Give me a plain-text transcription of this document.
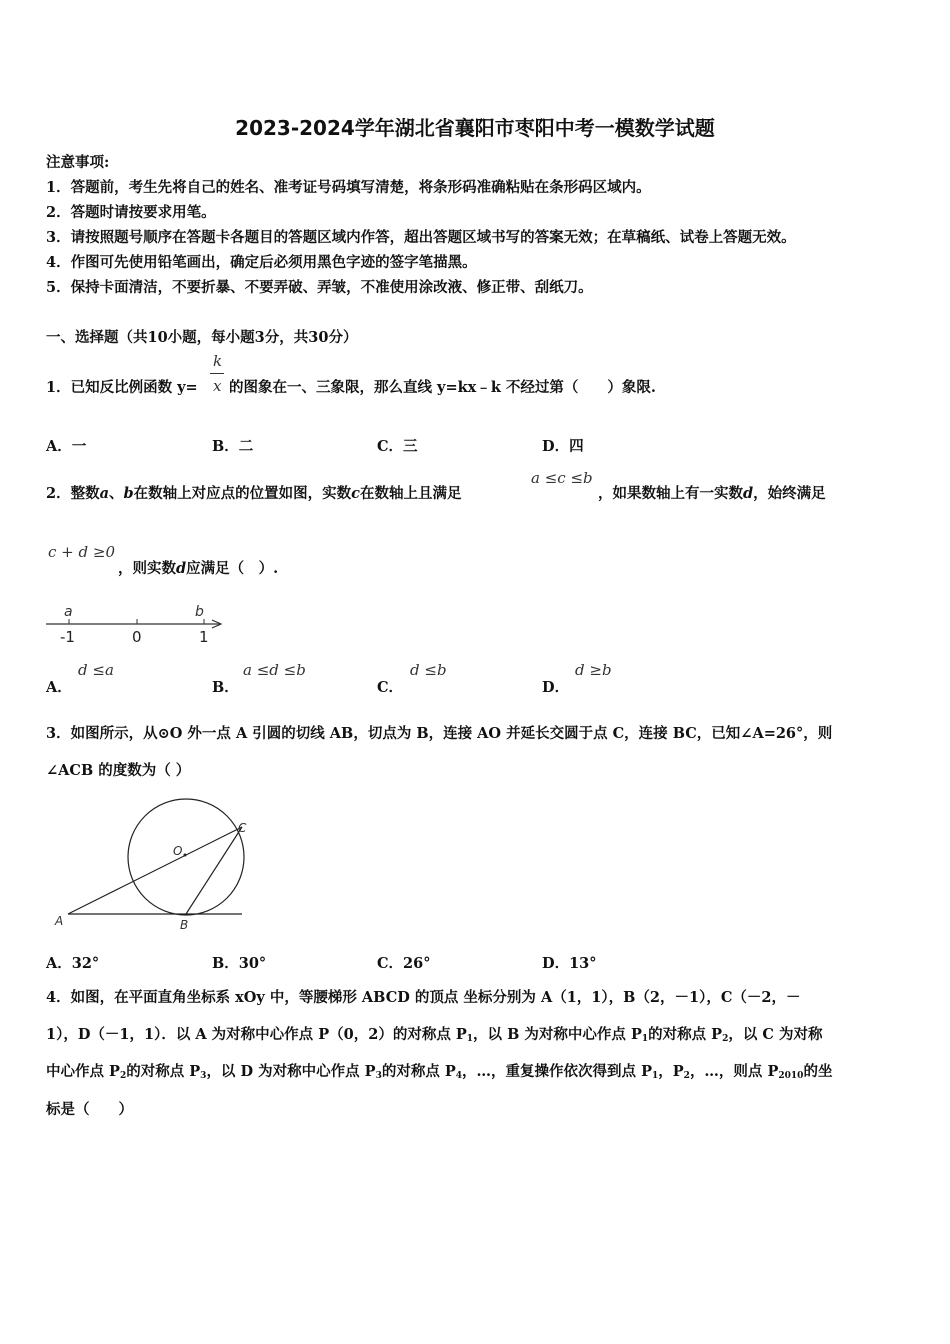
2023-2024学年湖北省襄阳市枣阳中考一模数学试题
注意事项:
1．答题前，考生先将自己的姓名、准考证号码填写清楚，将条形码准确粘贴在条形码区域内。
2．答题时请按要求用笔。
3．请按照题号顺序在答题卡各题目的答题区域内作答，超出答题区域书写的答案无效；在草稿纸、试卷上答题无效。
4．作图可先使用铅笔画出，确定后必须用黑色字迹的签字笔描黑。
5．保持卡面清洁，不要折暴、不要弄破、弄皱，不准使用涂改液、修正带、刮纸刀。
一、选择题（共10小题，每小题3分，共30分）
1．已知反比例函数 y=
k
x 的图象在一、三象限，那么直线 y=kx﹣k 不经过第（　　）象限.
A．一	B．二	C．三	D．四
2．整数a、b在数轴上对应点的位置如图，实数c在数轴上且满足
a ≤c ≤b
，如果数轴上有一实数d，始终满足
c + d ≥0
，则实数d应满足（　）.
a	b
-1	0	1
A．
d ≤a
B．
a ≤d ≤b
C．
d ≤b
D．
d ≥b
3．如图所示，从⊙O 外一点 A 引圆的切线 AB，切点为 B，连接 AO 并延长交圆于点 C，连接 BC，已知∠A=26°，则
∠ACB 的度数为（ ）
A	B
C
O
A．32°	B．30°	C．26°	D．13°
4．如图，在平面直角坐标系 xOy 中，等腰梯形 ABCD 的顶点 坐标分别为 A（1，1），B（2，－1），C（－2，－
1），D（－1，1）．以 A 为对称中心作点 P（0，2）的对称点 $P_1$，以 B 为对称中心作点 $P_1$的对称点 $P_2$，以 C 为对称
中心作点 $P_2$的对称点 $P_3$，以 D 为对称中心作点 $P_3$的对称点 $P_4$，…，重复操作依次得到点 $P_1$，$P_2$，…，则点 $P_{2010}$的坐
标是（　　）
